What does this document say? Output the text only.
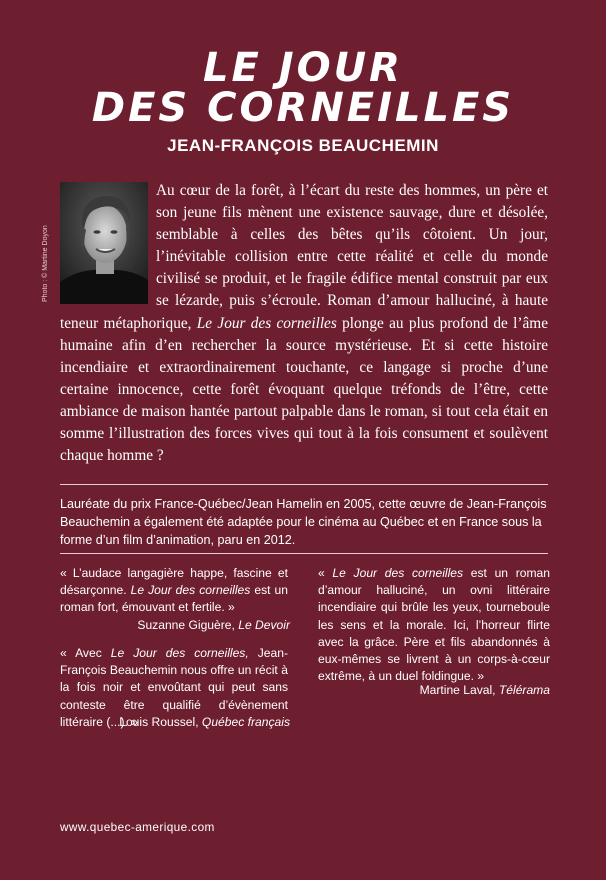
LE JOUR
DES CORNEILLES
JEAN-FRANÇOIS BEAUCHEMIN
Photo : © Martine Doyon
Au cœur de la forêt, à l’écart du reste des hommes, un père et son jeune fils mènent une existence sauvage, dure et désolée, semblable à celles des bêtes qu’ils côtoient. Un jour, l’inévitable collision entre cette réalité et celle du monde civilisé se produit, et le fragile édifice mental construit par eux se lézarde, puis s’écroule. Roman d’amour halluciné, à haute teneur métaphorique, Le Jour des corneilles plonge au plus profond de l’âme humaine afin d’en rechercher la source mystérieuse. Et si cette histoire incendiaire et extraordinairement touchante, ce langage si proche d’une certaine innocence, cette forêt évoquant quelque tréfonds de l’être, cette ambiance de maison hantée partout palpable dans le roman, si tout cela était en somme l’illustration des forces vives qui tout à la fois consument et soulèvent chaque homme ?
Lauréate du prix France-Québec/Jean Hamelin en 2005, cette œuvre de Jean-François Beauchemin a également été adaptée pour le cinéma au Québec et en France sous la forme d’un film d’animation, paru en 2012.
« L’audace langagière happe, fascine et désarçonne. Le Jour des corneilles est un roman fort, émouvant et fertile. »
Suzanne Giguère, Le Devoir
« Avec Le Jour des corneilles, Jean-François Beauchemin nous offre un récit à la fois noir et envoûtant qui peut sans conteste être qualifié d’évènement littéraire (...). »
Louis Roussel, Québec français
« Le Jour des corneilles est un roman d’amour halluciné, un ovni littéraire incendiaire qui brûle les yeux, tourneboule les sens et la morale. Ici, l’horreur flirte avec la grâce. Père et fils abandonnés à eux-mêmes se livrent à un corps-à-cœur extrême, à un duel foldingue. »
Martine Laval, Télérama
www.quebec-amerique.com
